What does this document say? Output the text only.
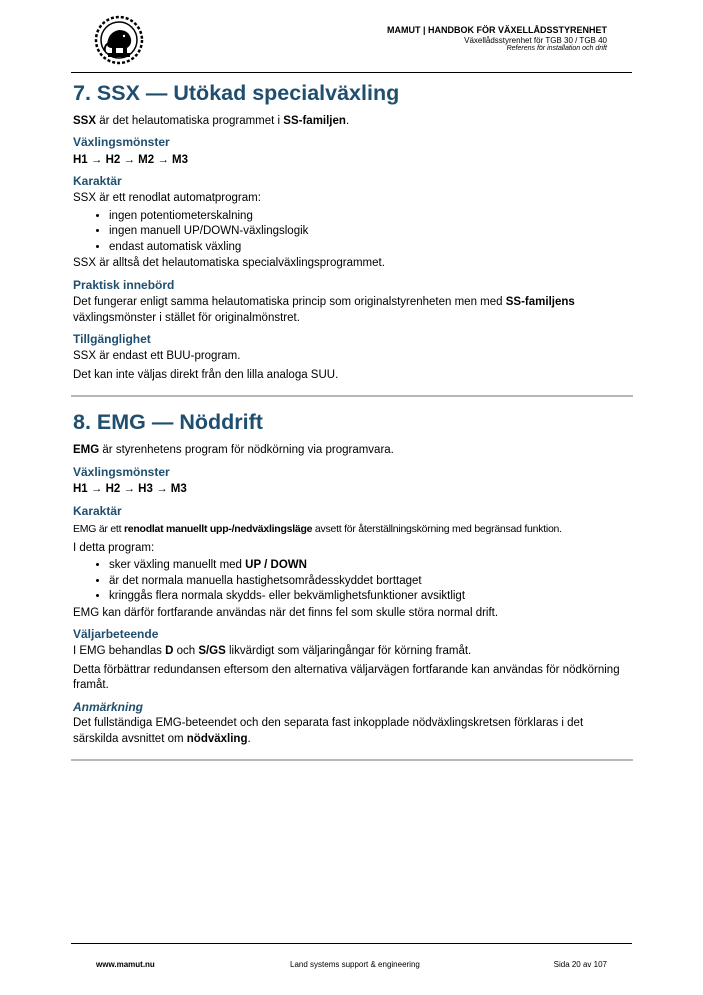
MAMUT | HANDBOK FÖR VÄXELLÅDSSTYRENHET
Växellådsstyrenhet för TGB 30 / TGB 40
Referens för installation och drift
7. SSX — Utökad specialväxling

SSX är det helautomatiska programmet i SS-familjen.

Växlingsmönster

H1 → H2 → M2 → M3

Karaktär

SSX är ett renodlat automatprogram:

• ingen potentiometerskalning
• ingen manuell UP/DOWN-växlingslogik
• endast automatisk växling

SSX är alltså det helautomatiska specialväxlingsprogrammet.

Praktisk innebörd

Det fungerar enligt samma helautomatiska princip som originalstyrenheten men med SS-familjens växlingsmönster i stället för originalmönstret.

Tillgänglighet

SSX är endast ett BUU-program.

Det kan inte väljas direkt från den lilla analoga SUU.

8. EMG — Nöddrift

EMG är styrenhetens program för nödkörning via programvara.

Växlingsmönster

H1 → H2 → H3 → M3

Karaktär

EMG är ett renodlat manuellt upp-/nedväxlingsläge avsett för återställningskörning med begränsad funktion.

I detta program:

• sker växling manuellt med UP / DOWN
• är det normala manuella hastighetsområdesskyddet borttaget
• kringgås flera normala skydds- eller bekvämlighetsfunktioner avsiktligt

EMG kan därför fortfarande användas när det finns fel som skulle störa normal drift.

Väljarbeteende

I EMG behandlas D och S/GS likvärdigt som väljaringångar för körning framåt.

Detta förbättrar redundansen eftersom den alternativa väljarvägen fortfarande kan användas för nödkörning framåt.

Anmärkning

Det fullständiga EMG-beteendet och den separata fast inkopplade nödväxlingskretsen förklaras i det särskilda avsnittet om nödväxling.

www.mamut.nu	Land systems support & engineering	Sida 20 av 107
